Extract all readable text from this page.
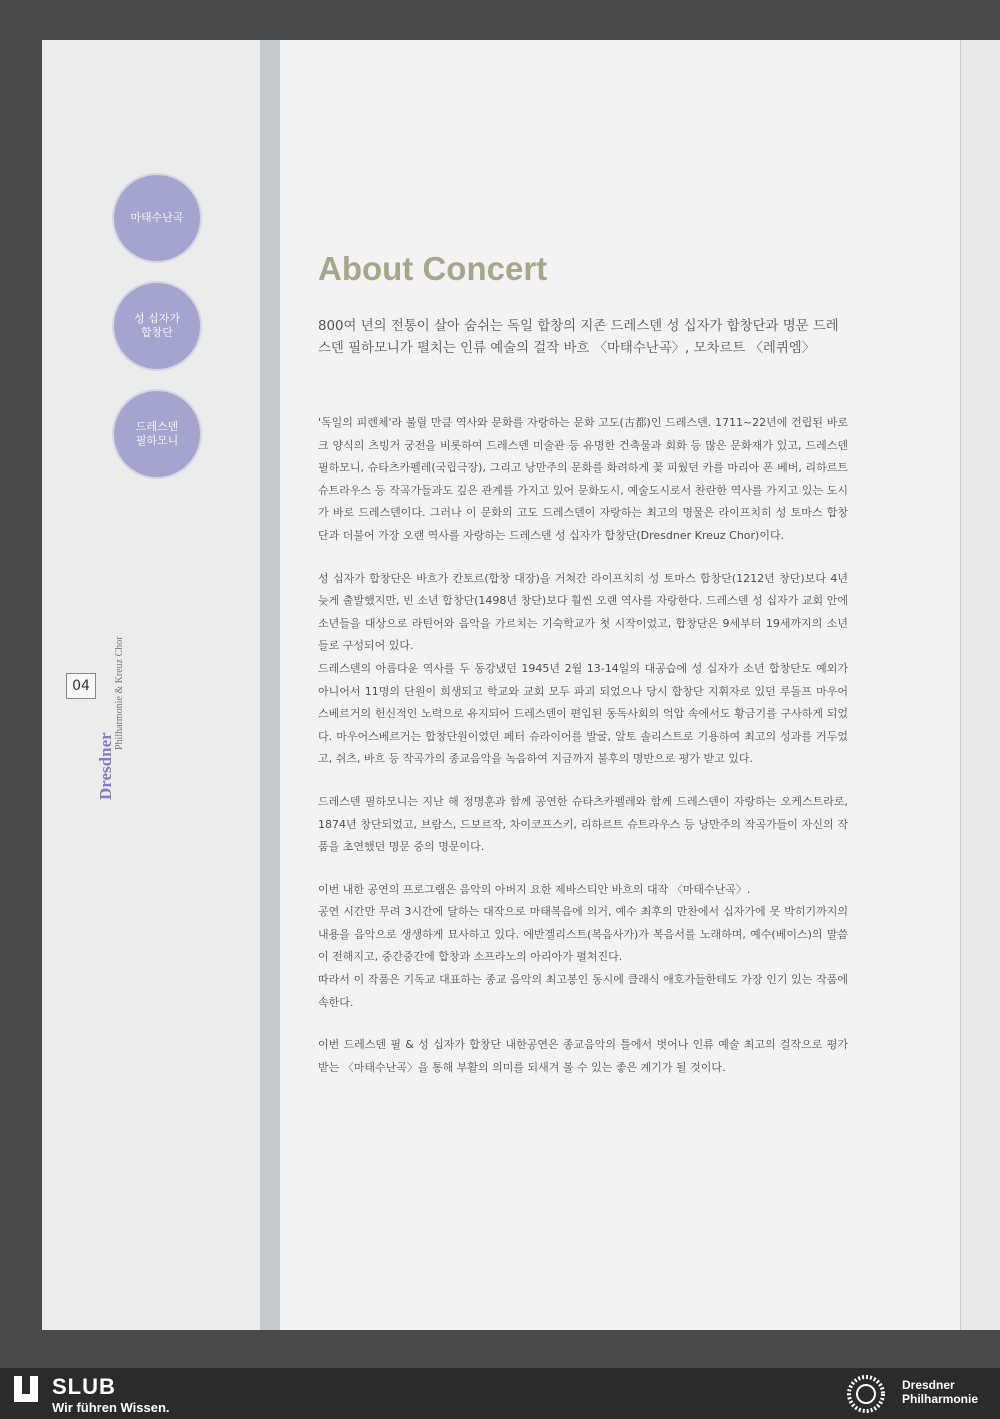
마태수난곡
성 십자가
합창단
드레스덴
필하모니
Dresdner
Philharmonie & Kreuz Chor
04
About Concert

800여 년의 전통이 살아 숨쉬는 독일 합창의 지존 드레스덴 성 십자가 합창단과 명문 드레스덴 필하모니가 펼치는 인류 예술의 걸작 바흐 〈마태수난곡〉, 모차르트 〈레퀴엠〉

'독일의 피렌체'라 불릴 만큼 역사와 문화를 자랑하는 문화 고도(古都)인 드레스덴. 1711~22년에 건립된 바로크 양식의 츠빙거 궁전을 비롯하여 드레스덴 미술관 등 유명한 건축물과 회화 등 많은 문화재가 있고, 드레스덴 필하모니, 슈타츠카펠레(국립극장), 그리고 낭만주의 문화를 화려하게 꽃 피웠던 카를 마리아 폰 베버, 리하르트 슈트라우스 등 작곡가들과도 깊은 관계를 가지고 있어 문화도시, 예술도시로서 찬란한 역사를 가지고 있는 도시가 바로 드레스덴이다. 그러나 이 문화의 고도 드레스덴이 자랑하는 최고의 명물은 라이프치히 성 토마스 합창단과 더불어 가장 오랜 역사를 자랑하는 드레스덴 성 십자가 합창단(Dresdner Kreuz Chor)이다.

성 십자가 합창단은 바흐가 칸토르(합창 대장)을 거쳐간 라이프치히 성 토마스 합창단(1212년 창단)보다 4년 늦게 출발했지만, 빈 소년 합창단(1498년 창단)보다 훨씬 오랜 역사를 자랑한다. 드레스덴 성 십자가 교회 안에 소년들을 대상으로 라틴어와 음악을 가르치는 기숙학교가 첫 시작이었고, 합창단은 9세부터 19세까지의 소년들로 구성되어 있다.
드레스덴의 아름다운 역사를 두 동강냈던 1945년 2월 13-14일의 대공습에 성 십자가 소년 합창단도 예외가 아니어서 11명의 단원이 희생되고 학교와 교회 모두 파괴 되었으나 당시 합창단 지휘자로 있던 루돌프 마우어스베르거의 헌신적인 노력으로 유지되어 드레스덴이 편입된 동독사회의 억압 속에서도 황금기를 구사하게 되었다. 마우어스베르거는 합창단원이었던 페터 슈라이어를 발굴, 알토 솔리스트로 기용하여 최고의 성과를 거두었고, 쉬츠, 바흐 등 작곡가의 종교음악을 녹음하여 지금까지 불후의 명반으로 평가 받고 있다.

드레스덴 필하모니는 지난 해 정명훈과 함께 공연한 슈타츠카펠레와 함께 드레스덴이 자랑하는 오케스트라로, 1874년 창단되었고, 브람스, 드보르작, 차이코프스키, 리하르트 슈트라우스 등 낭만주의 작곡가들이 자신의 작품을 초연했던 명문 중의 명문이다.

이번 내한 공연의 프로그램은 음악의 아버지 요한 제바스티안 바흐의 대작 〈마태수난곡〉.
공연 시간만 무려 3시간에 달하는 대작으로 마태복음에 의거, 예수 최후의 만찬에서 십자가에 못 박히기까지의 내용을 음악으로 생생하게 묘사하고 있다. 에반겔리스트(복음사가)가 복음서를 노래하며, 예수(베이스)의 말씀이 전해지고, 중간중간에 합창과 소프라노의 아리아가 펼쳐진다.
따라서 이 작품은 기독교 대표하는 종교 음악의 최고봉인 동시에 클래식 애호가들한테도 가장 인기 있는 작품에 속한다.

이번 드레스덴 필 & 성 십자가 합창단 내한공연은 종교음악의 틀에서 벗어나 인류 예술 최고의 걸작으로 평가 받는 〈마태수난곡〉을 통해 부활의 의미를 되새겨 볼 수 있는 좋은 계기가 될 것이다.

SLUB
Wir führen Wissen.
Dresdner
Philharmonie
